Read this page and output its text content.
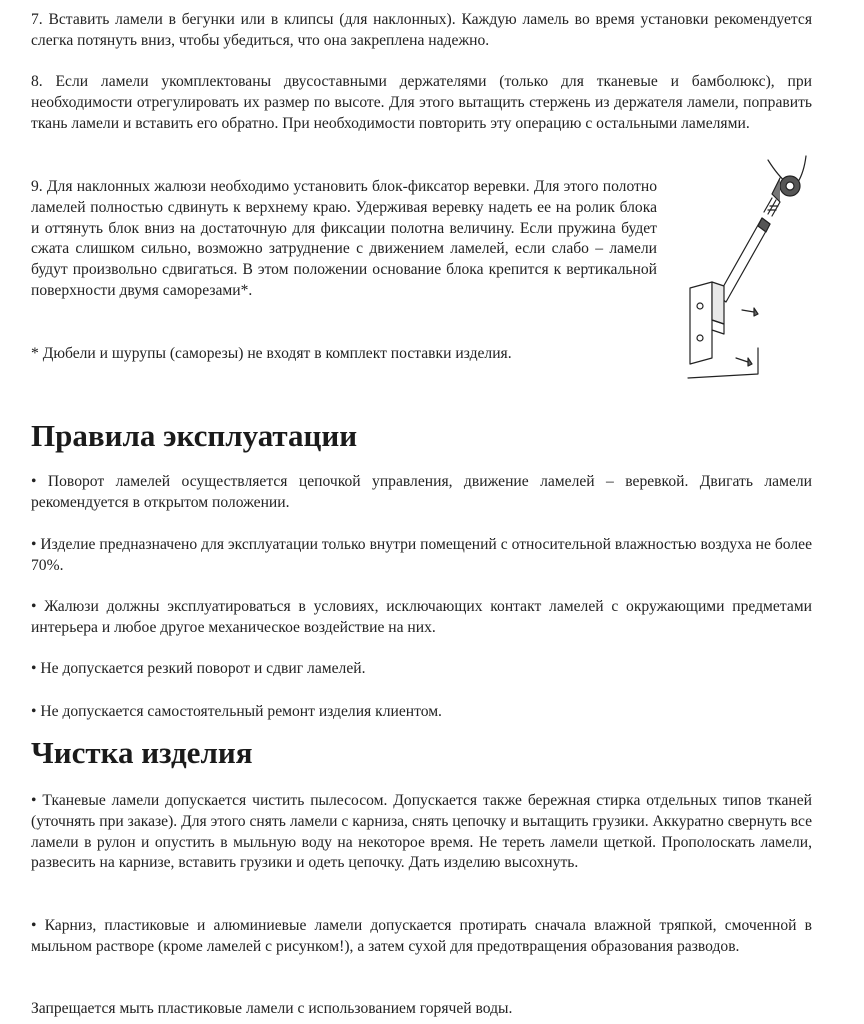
7. Вставить ламели в бегунки или в клипсы (для наклонных). Каждую ламель во время установки рекомендуется слегка потянуть вниз, чтобы убедиться, что она закреплена надежно.

8. Если ламели укомплектованы двусоставными держателями (только для тканевые и бамболюкс), при необходимости отрегулировать их размер по высоте. Для этого вытащить стержень из держателя ламели, поправить ткань ламели и вставить его обратно. При необходимости повторить эту операцию с остальными ламелями.

9. Для наклонных жалюзи необходимо установить блок-фиксатор веревки. Для этого полотно ламелей полностью сдвинуть к верхнему краю. Удерживая веревку надеть ее на ролик блока и оттянуть блок вниз на достаточную для фиксации полотна величину. Если пружина будет сжата слишком сильно, возможно затруднение с движением ламелей, если слабо – ламели будут произвольно сдвигаться. В этом положении основание блока крепится к вертикальной поверхности двумя саморезами*.

* Дюбели и шурупы (саморезы) не входят в комплект поставки изделия.

Правила эксплуатации

• Поворот ламелей осуществляется цепочкой управления, движение ламелей – веревкой. Двигать ламели рекомендуется в открытом положении.

• Изделие предназначено для эксплуатации только внутри помещений с относительной влажностью воздуха не более 70%.

• Жалюзи должны эксплуатироваться в условиях, исключающих контакт ламелей с окружающими предметами интерьера и любое другое механическое воздействие на них.

• Не допускается резкий поворот и сдвиг ламелей.

• Не допускается самостоятельный ремонт изделия клиентом.

Чистка изделия

• Тканевые ламели допускается чистить пылесосом. Допускается также бережная стирка отдельных типов тканей (уточнять при заказе). Для этого снять ламели с карниза, снять цепочку и вытащить грузики. Аккуратно свернуть все ламели в рулон и опустить в мыльную воду на некоторое время. Не тереть ламели щеткой. Прополоскать ламели, развесить на карнизе, вставить грузики и одеть цепочку. Дать изделию высохнуть.

• Карниз, пластиковые и алюминиевые ламели допускается протирать сначала влажной тряпкой, смоченной в мыльном растворе (кроме ламелей с рисунком!), а затем сухой для предотвращения образования разводов.

Запрещается мыть пластиковые ламели с использованием горячей воды.
